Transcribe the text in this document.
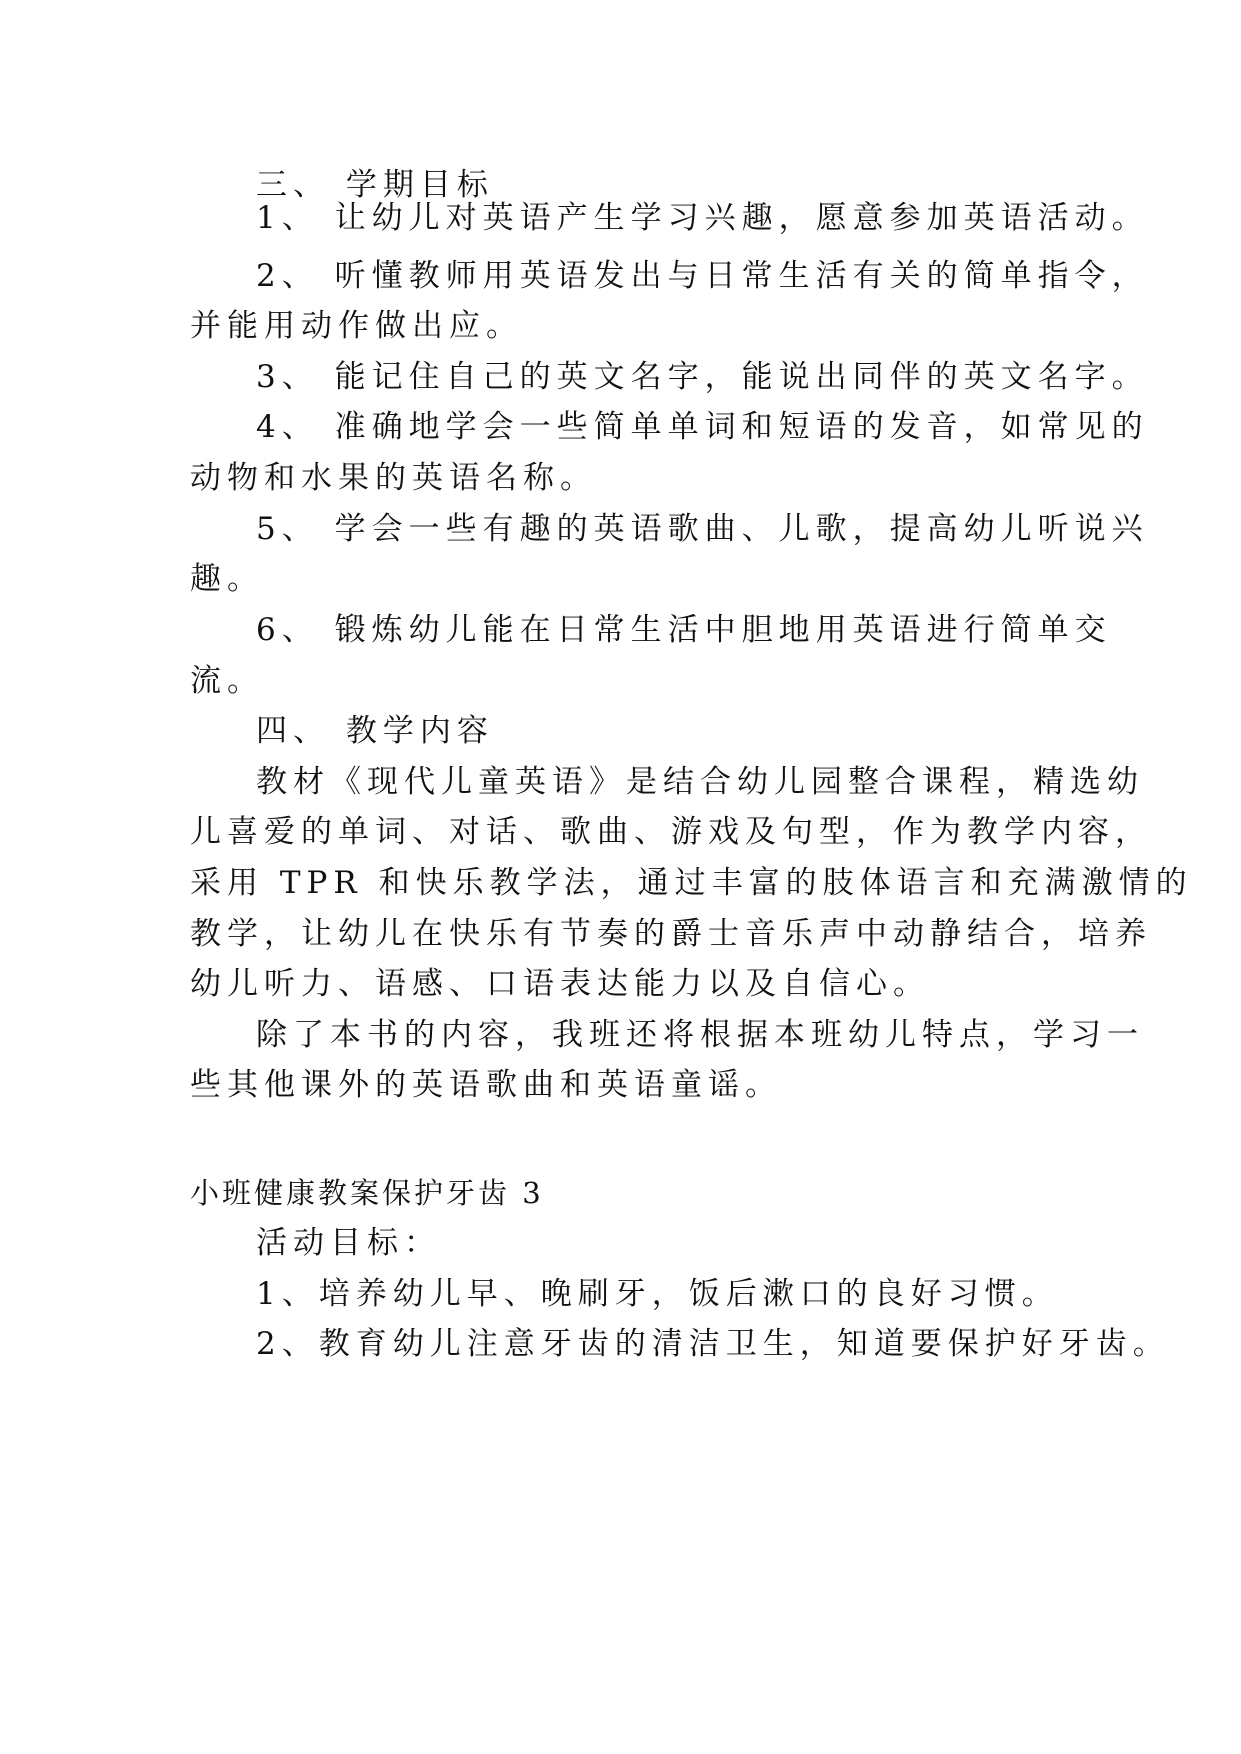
三、 学期目标
1、 让幼儿对英语产生学习兴趣，愿意参加英语活动。
2、 听懂教师用英语发出与日常生活有关的简单指令，
并能用动作做出应。
3、 能记住自己的英文名字，能说出同伴的英文名字。
4、 准确地学会一些简单单词和短语的发音，如常见的
动物和水果的英语名称。
5、 学会一些有趣的英语歌曲、儿歌，提高幼儿听说兴
趣。
6、 锻炼幼儿能在日常生活中胆地用英语进行简单交
流。
四、 教学内容
教材《现代儿童英语》是结合幼儿园整合课程，精选幼
儿喜爱的单词、对话、歌曲、游戏及句型，作为教学内容，
采用 TPR 和快乐教学法，通过丰富的肢体语言和充满激情的
教学，让幼儿在快乐有节奏的爵士音乐声中动静结合，培养
幼儿听力、语感、口语表达能力以及自信心。
除了本书的内容，我班还将根据本班幼儿特点，学习一
些其他课外的英语歌曲和英语童谣。
小班健康教案保护牙齿 3
活动目标：
1、培养幼儿早、晚刷牙，饭后漱口的良好习惯。
2、教育幼儿注意牙齿的清洁卫生，知道要保护好牙齿。
